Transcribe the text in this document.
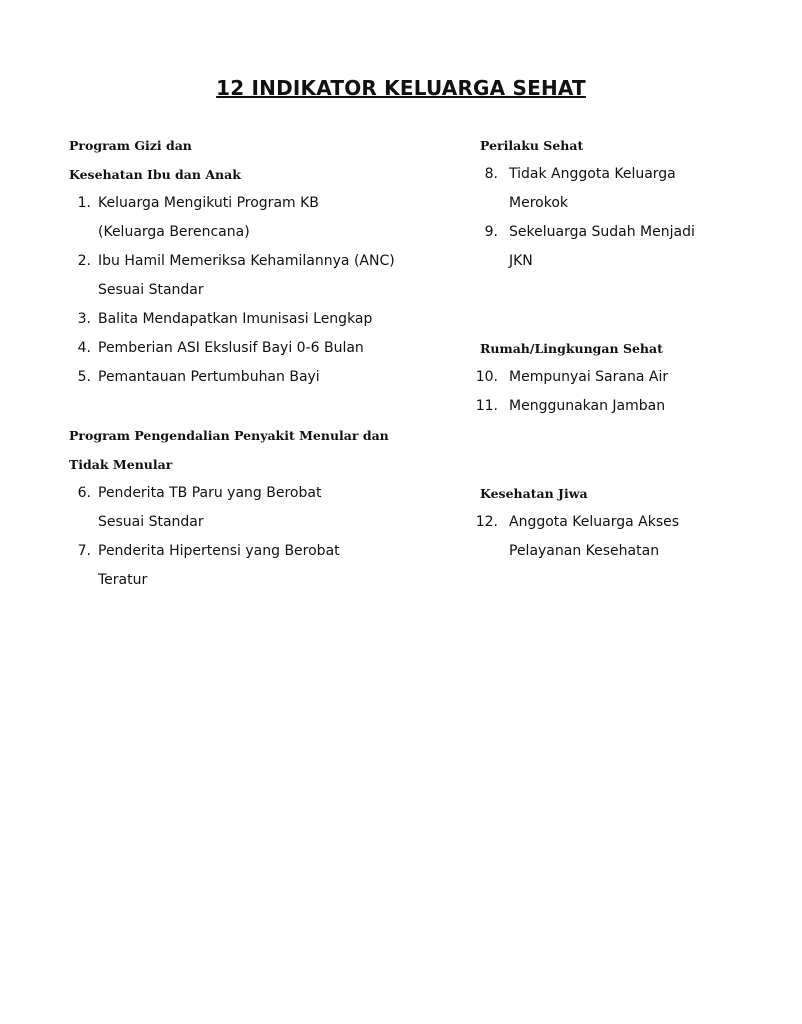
12 INDIKATOR KELUARGA SEHAT
Program Gizi dan
Kesehatan Ibu dan Anak
1. Keluarga Mengikuti Program KB
(Keluarga Berencana)
2. Ibu Hamil Memeriksa Kehamilannya (ANC)
Sesuai Standar
3. Balita Mendapatkan Imunisasi Lengkap
4. Pemberian ASI Ekslusif Bayi 0-6 Bulan
5. Pemantauan Pertumbuhan Bayi
Program Pengendalian Penyakit Menular dan
Tidak Menular
6. Penderita TB Paru yang Berobat
Sesuai Standar
7. Penderita Hipertensi yang Berobat
Teratur
Perilaku Sehat
8. Tidak Anggota Keluarga
Merokok
9. Sekeluarga Sudah Menjadi
JKN
Rumah/Lingkungan Sehat
10. Mempunyai Sarana Air
11. Menggunakan Jamban
Kesehatan Jiwa
12. Anggota Keluarga Akses
Pelayanan Kesehatan
